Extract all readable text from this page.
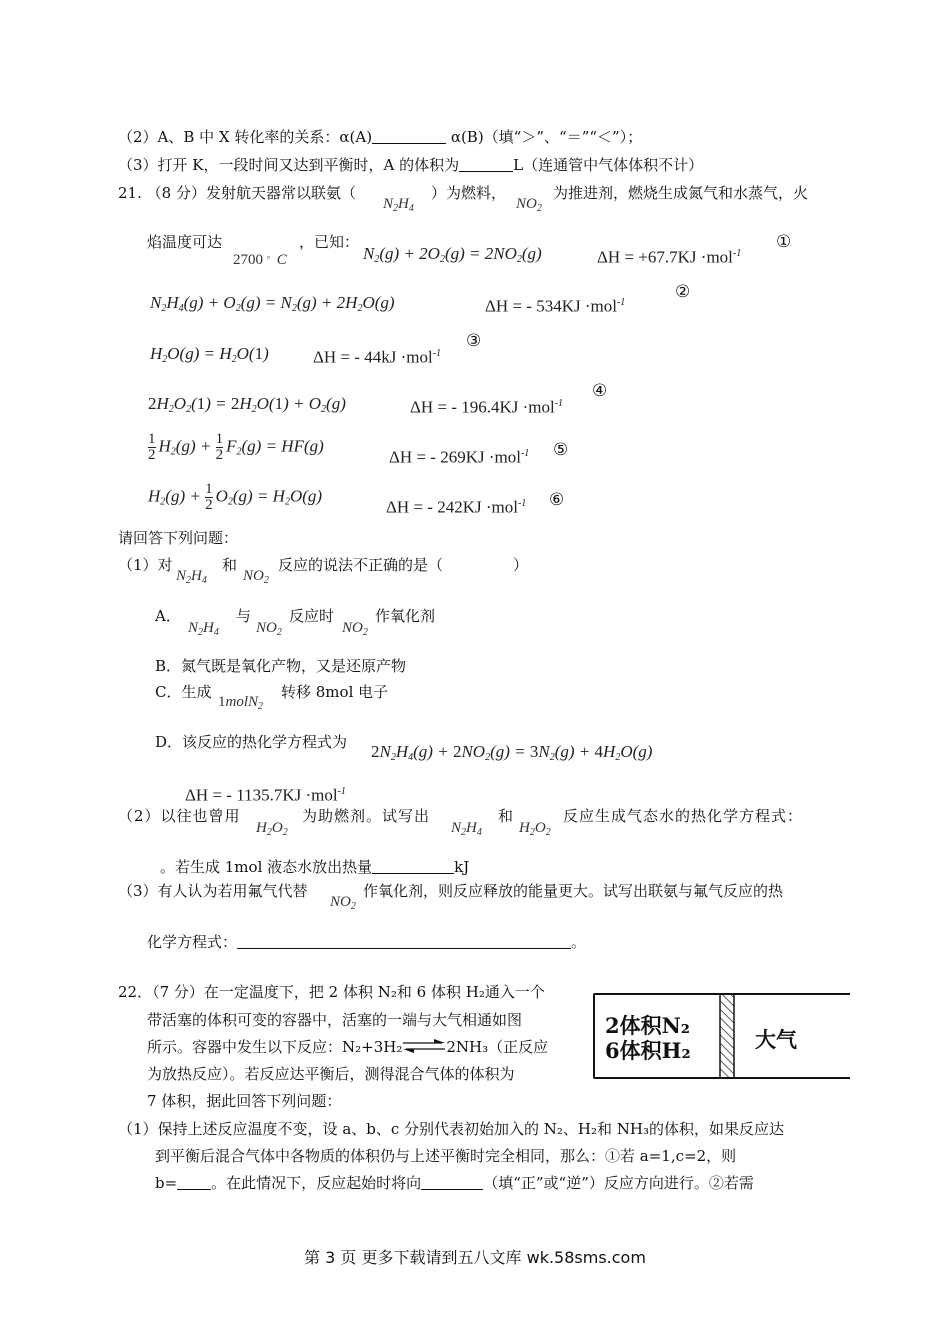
（2）A、B 中 X 转化率的关系：α(A)	α(B)（填“＞”、“＝”“＜”）；
（3）打开 K，一段时间又达到平衡时，A 的体积为	L（连通管中气体体积不计）
21. （8 分）发射航天器常以联氨（
$N_2H_4$
）为燃料，
$NO_2$
为推进剂，燃烧生成氮气和水蒸气，火
焰温度可达
2700 。C
，已知：
$N_2(g) + 2O_2(g) = 2NO_2(g)$	ΔH = +67.7KJ ·mol$^{-1}$
①
$N_2H_4(g) + O_2(g) = N_2(g) + 2H_2O(g)$	ΔH = - 534KJ ·mol$^{-1}$
②
$H_2O(g) = H_2O(1)$	ΔH = - 44kJ ·mol$^{-1}$
③
$2H_2O_2(1) = 2H_2O(1) + O_2(g)$	ΔH = - 196.4KJ ·mol$^{-1}$
④
$\frac{1}{2} H_2(g) + \frac{1}{2} F_2(g) = HF(g)$
ΔH = - 269KJ ·mol$^{-1}$ ⑤
$H_2(g) + \frac{1}{2} O_2(g) = H_2O(g)$
ΔH = - 242KJ ·mol$^{-1}$ ⑥
请回答下列问题：
（1）对
$N_2H_4$
和
$NO_2$
反应的说法不正确的是（	）
A．
$N_2H_4$
与
$NO_2$
反应时
$NO_2$
作氧化剂
B．氮气既是氧化产物，又是还原产物
C．生成
1molN$_2$
转移 8mol 电子
D．该反应的热化学方程式为 $2N_2H_4(g) + 2NO_2(g) = 3N_2(g) + 4H_2O(g)$
ΔH = - 1135.7KJ ·mol$^{-1}$
（2）以往也曾用
$H_2O_2$
为助燃剂。试写出
$N_2H_4$
和
$H_2O_2$
反应生成气态水的热化学方程式：
。若生成 1mol 液态水放出热量	kJ
（3）有人认为若用氟气代替
$NO_2$
作氧化剂，则反应释放的能量更大。试写出联氨与氟气反应的热
化学方程式：	。
22．（7 分）在一定温度下，把 2 体积 N₂和 6 体积 H₂通入一个
带活塞的体积可变的容器中，活塞的一端与大气相通如图
所示。容器中发生以下反应：N₂+3H₂⇌2NH₃（正反应
为放热反应）。若反应达平衡后，测得混合气体的体积为
7 体积，据此回答下列问题：
2体积N₂
6体积H₂	大气
（1）保持上述反应温度不变，设 a、b、c 分别代表初始加入的 N₂、H₂和 NH₃的体积，如果反应达
到平衡后混合气体中各物质的体积仍与上述平衡时完全相同，那么：①若 a=1,c=2，则
b= 。在此情况下，反应起始时将向	（填“正”或“逆”）反应方向进行。②若需
第 3 页 更多下载请到五八文库 wk.58sms.com
